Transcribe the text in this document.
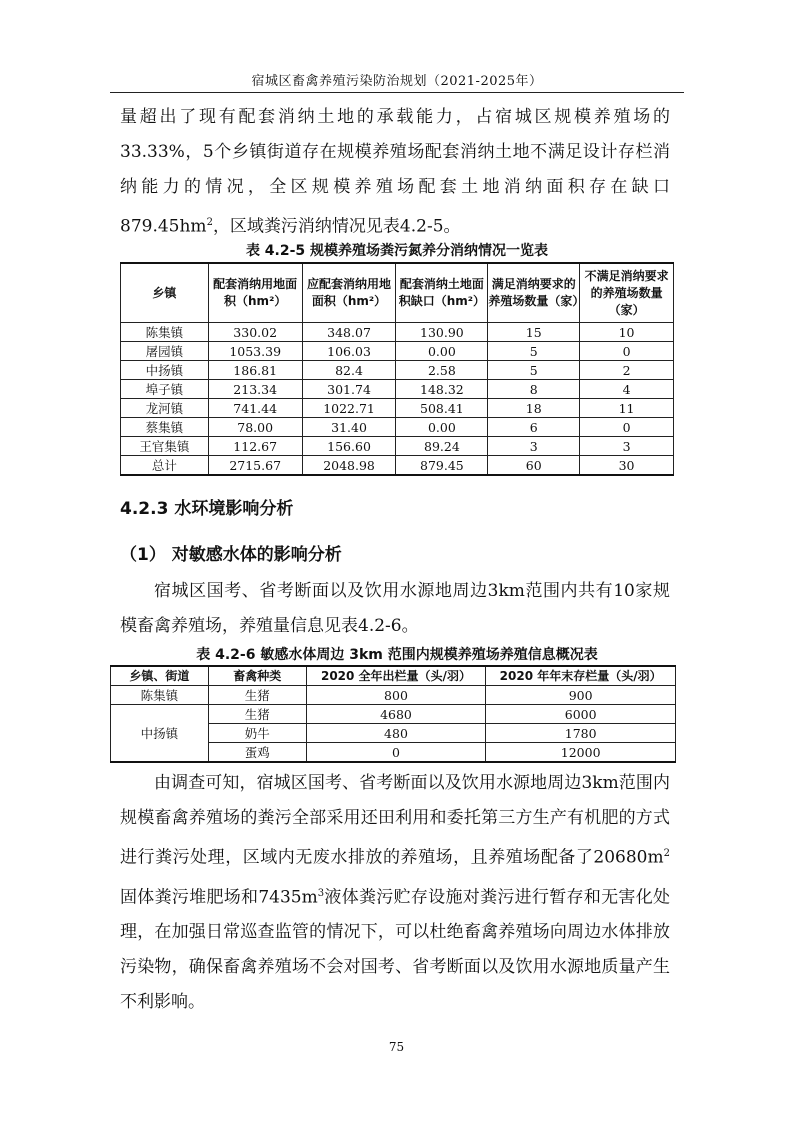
宿城区畜禽养殖污染防治规划（2021-2025年）

量超出了现有配套消纳土地的承载能力，占宿城区规模养殖场的33.33%，5个乡镇街道存在规模养殖场配套消纳土地不满足设计存栏消纳能力的情况，全区规模养殖场配套土地消纳面积存在缺口$879.45hm^2$，区域粪污消纳情况见表4.2-5。

表 4.2-5 规模养殖场粪污氮养分消纳情况一览表
乡镇	配套消纳用地面积（hm²）	应配套消纳用地面积（hm²）	配套消纳土地面积缺口（hm²）	满足消纳要求的养殖场数量（家）	不满足消纳要求的养殖场数量（家）
陈集镇	330.02	348.07	130.90	15	10
屠园镇	1053.39	106.03	0.00	5	0
中扬镇	186.81	82.4	2.58	5	2
埠子镇	213.34	301.74	148.32	8	4
龙河镇	741.44	1022.71	508.41	18	11
蔡集镇	78.00	31.40	0.00	6	0
王官集镇	112.67	156.60	89.24	3	3
总计	2715.67	2048.98	879.45	60	30
4.2.3 水环境影响分析
（1） 对敏感水体的影响分析

宿城区国考、省考断面以及饮用水源地周边3km范围内共有10家规模畜禽养殖场，养殖量信息见表4.2-6。

表 4.2-6 敏感水体周边 3km 范围内规模养殖场养殖信息概况表
乡镇、街道	畜禽种类	2020 全年出栏量（头/羽）	2020 年年末存栏量（头/羽）
陈集镇	生猪	800	900
中扬镇	生猪	4680	6000
	奶牛	480	1780
	蛋鸡	0	12000

由调查可知，宿城区国考、省考断面以及饮用水源地周边3km范围内规模畜禽养殖场的粪污全部采用还田利用和委托第三方生产有机肥的方式进行粪污处理，区域内无废水排放的养殖场，且养殖场配备了$20680m^2$固体粪污堆肥场和$7435m^3$液体粪污贮存设施对粪污进行暂存和无害化处理，在加强日常巡查监管的情况下，可以杜绝畜禽养殖场向周边水体排放污染物，确保畜禽养殖场不会对国考、省考断面以及饮用水源地质量产生不利影响。

75
